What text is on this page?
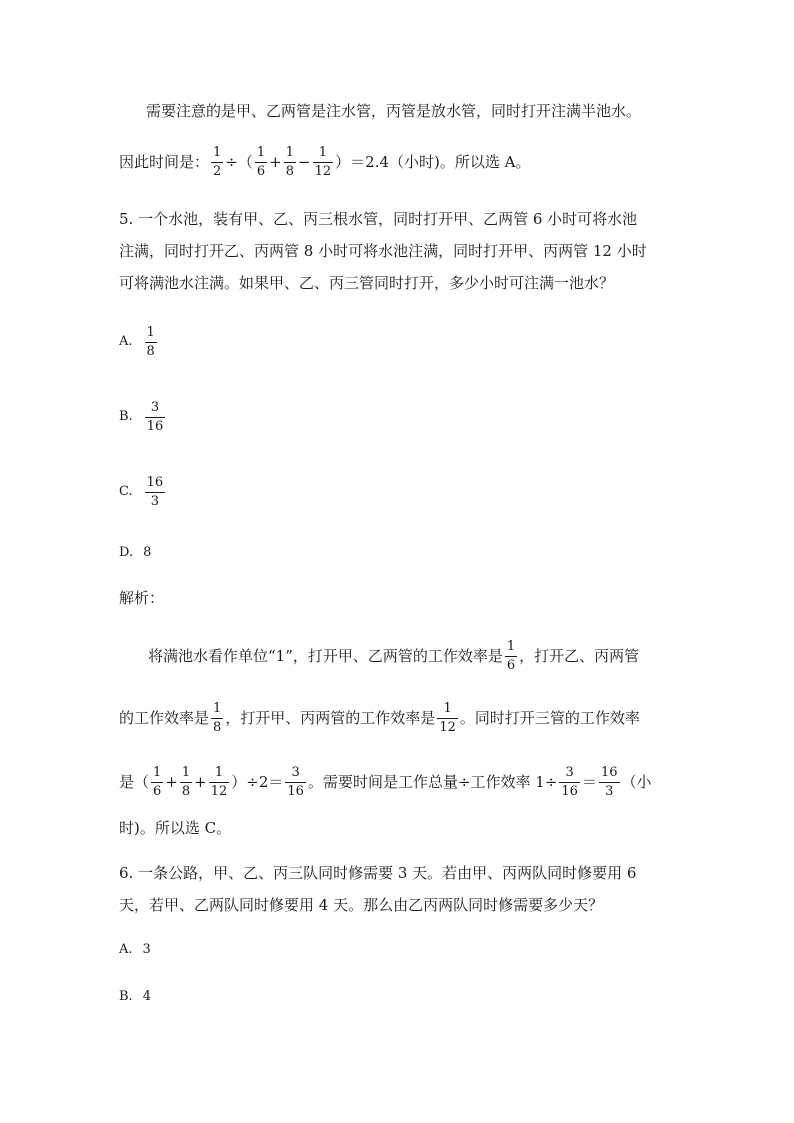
需要注意的是甲、乙两管是注水管，丙管是放水管，同时打开注满半池水。
因此时间是： $\frac{1}{2}$ ÷ （ $\frac{1}{6} + \frac{1}{8} - \frac{1}{12}$ ） ＝2.4（小时)。所以选 A。
5. 一个水池，装有甲、乙、丙三根水管，同时打开甲、乙两管 6 小时可将水池
注满，同时打开乙、丙两管 8 小时可将水池注满，同时打开甲、丙两管 12 小时
可将满池水注满。如果甲、乙、丙三管同时打开，多少小时可注满一池水？
A. $\frac{1}{8}$
B. $\frac{3}{16}$
C. $\frac{16}{3}$
D. 8
解析：
将满池水看作单位“1”，打开甲、乙两管的工作效率是 $\frac{1}{6}$ ，打开乙、丙两管
的工作效率是 $\frac{1}{8}$ ，打开甲、丙两管的工作效率是 $\frac{1}{12}$ 。同时打开三管的工作效率
是（ $\frac{1}{6} + \frac{1}{8} + \frac{1}{12} )\div 2= \frac{3}{16}$ 。需要时间是工作总量÷工作效率 $1\div \frac{3}{16} = \frac{16}{3}$ （小
时)。所以选 C。
6. 一条公路，甲、乙、丙三队同时修需要 3 天。若由甲、丙两队同时修要用 6
天，若甲、乙两队同时修要用 4 天。那么由乙丙两队同时修需要多少天？
A. 3
B. 4
